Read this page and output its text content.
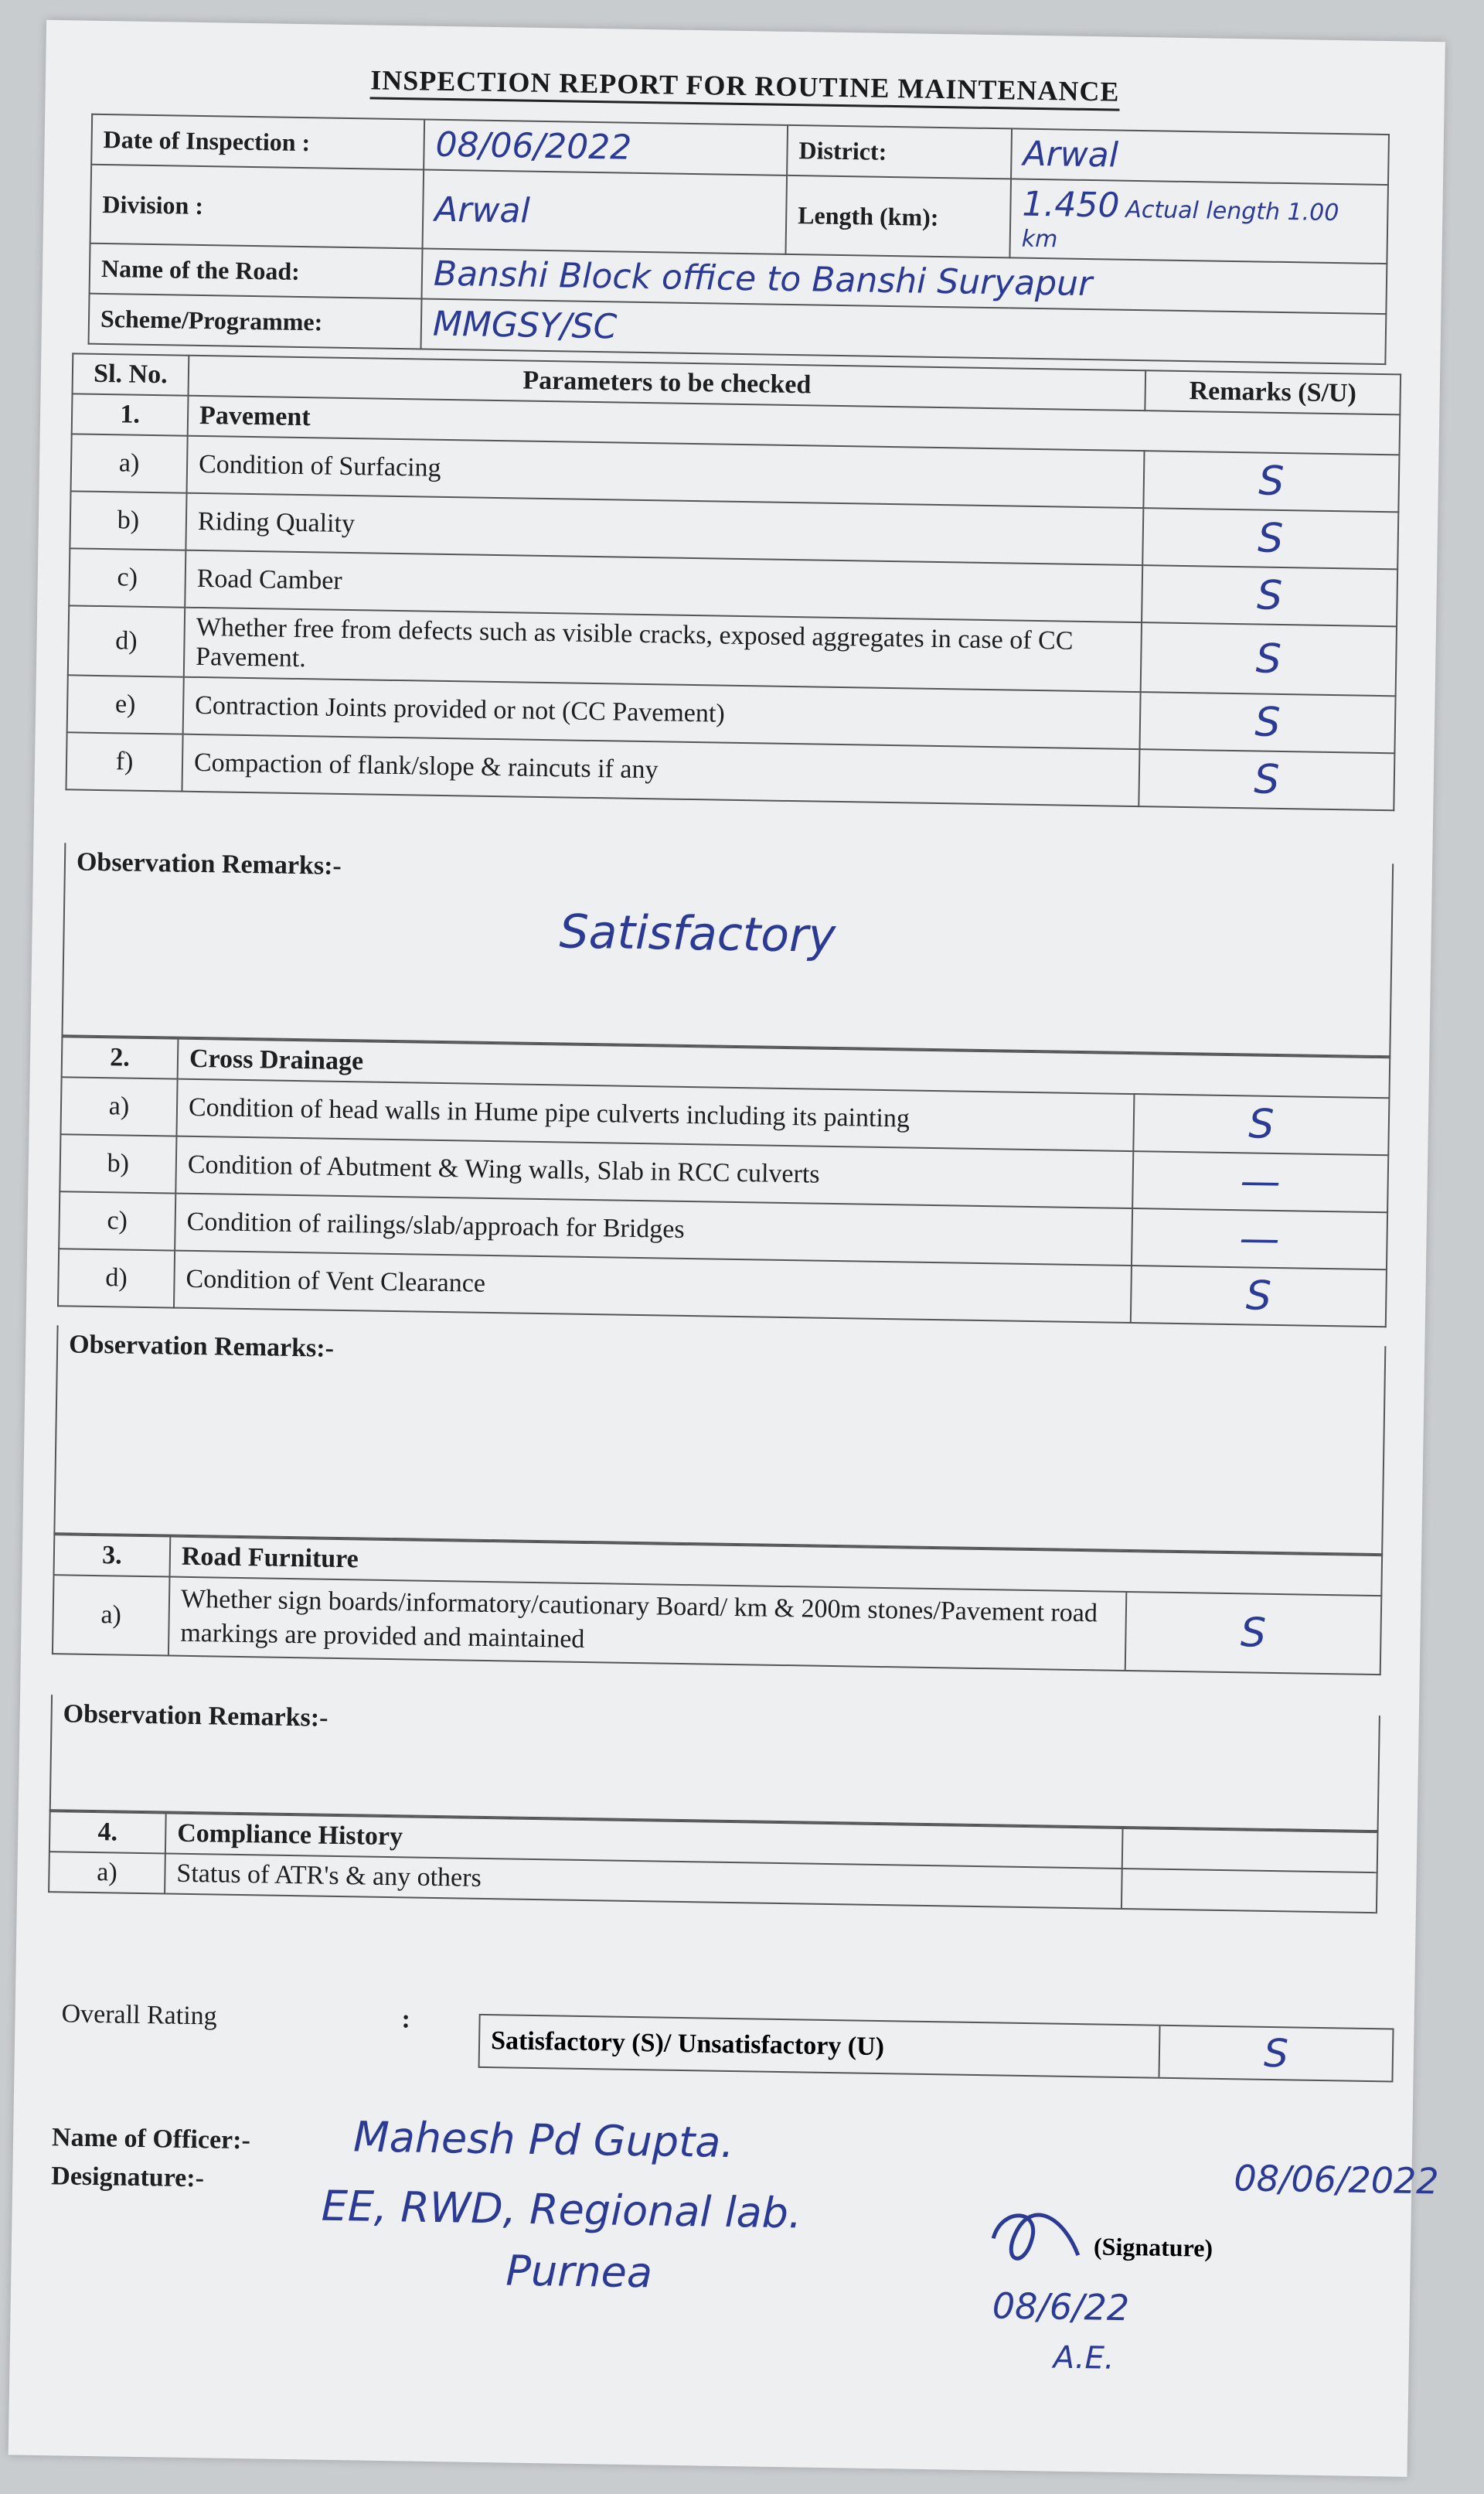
INSPECTION REPORT FOR ROUTINE MAINTENANCE
Date of Inspection :	08/06/2022	District:	Arwal
Division :	Arwal	Length (km):	1.450 Actual length 1.00 km
Name of the Road:	Banshi Block office to Banshi Suryapur		
Scheme/Programme:	MMGSY/SC		
Sl. No.	Parameters to be checked	Remarks (S/U)
1.	Pavement	
a)	Condition of Surfacing	S
b)	Riding Quality	S
c)	Road Camber	S
d)	Whether free from defects such as visible cracks, exposed aggregates in case of CC Pavement.	S
e)	Contraction Joints provided or not (CC Pavement)	S
f)	Compaction of flank/slope & raincuts if any	S
Observation Remarks:-
Satisfactory
2.	Cross Drainage	
a)	Condition of head walls in Hume pipe culverts including its painting	S
b)	Condition of Abutment & Wing walls, Slab in RCC culverts	—
c)	Condition of railings/slab/approach for Bridges	—
d)	Condition of Vent Clearance	S
Observation Remarks:-
3.	Road Furniture	
a)	Whether sign boards/informatory/cautionary Board/ km & 200m stones/Pavement road markings are provided and maintained	S
Observation Remarks:-
4.	Compliance History	
a)	Status of ATR's & any others	
Overall Rating	:
Satisfactory (S)/ Unsatisfactory (U)	S
Name of Officer:-
Designature:-
Mahesh Pd Gupta.
EE, RWD, Regional lab.
Purnea
08/06/2022
(Signature)
08/6/22
A.E.
